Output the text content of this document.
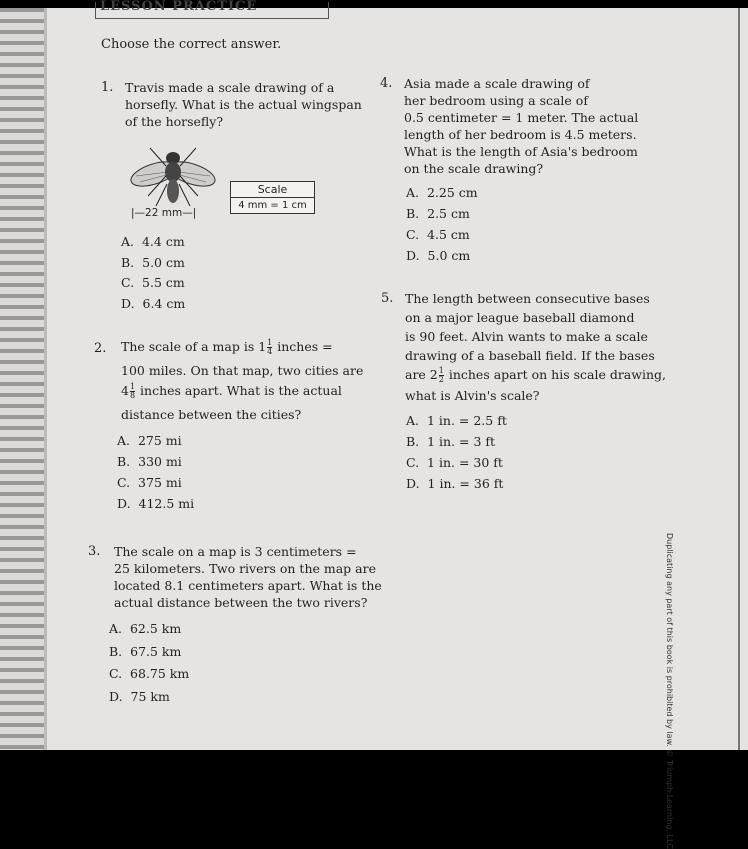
LESSON PRACTICE
Choose the correct answer.
1. Travis made a scale drawing of a
horsefly. What is the actual wingspan
of the horsefly?
|—22 mm—|
Scale
4 mm = 1 cm
A. 4.4 cm
B. 5.0 cm
C. 5.5 cm
D. 6.4 cm
2. The scale of a map is $1 \frac{1}{4}$ inches =
100 miles. On that map, two cities are
$4 \frac{1}{8}$ inches apart. What is the actual
distance between the cities?
A. 275 mi
B. 330 mi
C. 375 mi
D. 412.5 mi
3. The scale on a map is 3 centimeters =
25 kilometers. Two rivers on the map are
located 8.1 centimeters apart. What is the
actual distance between the two rivers?
A. 62.5 km
B. 67.5 km
C. 68.75 km
D. 75 km
4. Asia made a scale drawing of
her bedroom using a scale of
0.5 centimeter = 1 meter. The actual
length of her bedroom is 4.5 meters.
What is the length of Asia's bedroom
on the scale drawing?
A. 2.25 cm
B. 2.5 cm
C. 4.5 cm
D. 5.0 cm
5. The length between consecutive bases
on a major league baseball diamond
is 90 feet. Alvin wants to make a scale
drawing of a baseball field. If the bases
are $2 \frac{1}{2}$ inches apart on his scale drawing,
what is Alvin's scale?
A. 1 in. = 2.5 ft
B. 1 in. = 3 ft
C. 1 in. = 30 ft
D. 1 in. = 36 ft
Duplicating any part of this book is prohibited by law. © Triumph Learning, LLC
